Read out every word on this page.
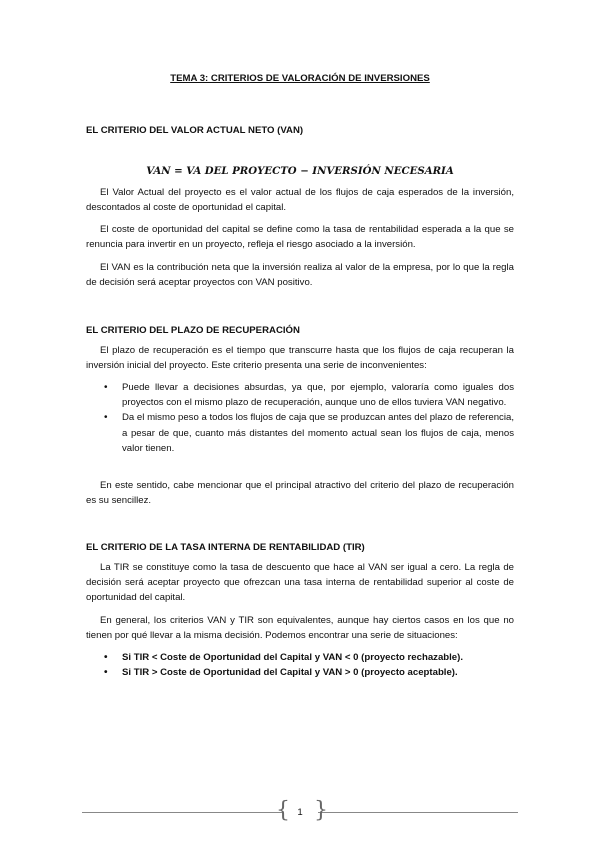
TEMA 3: CRITERIOS DE VALORACIÓN DE INVERSIONES
EL CRITERIO DEL VALOR ACTUAL NETO (VAN)
VAN = VA DEL PROYECTO − INVERSIÓN NECESARIA

El Valor Actual del proyecto es el valor actual de los flujos de caja esperados de la inversión, descontados al coste de oportunidad el capital.

El coste de oportunidad del capital se define como la tasa de rentabilidad esperada a la que se renuncia para invertir en un proyecto, refleja el riesgo asociado a la inversión.

El VAN es la contribución neta que la inversión realiza al valor de la empresa, por lo que la regla de decisión será aceptar proyectos con VAN positivo.

EL CRITERIO DEL PLAZO DE RECUPERACIÓN

El plazo de recuperación es el tiempo que transcurre hasta que los flujos de caja recuperan la inversión inicial del proyecto. Este criterio presenta una serie de inconvenientes:

• Puede llevar a decisiones absurdas, ya que, por ejemplo, valoraría como iguales dos proyectos con el mismo plazo de recuperación, aunque uno de ellos tuviera VAN negativo.
• Da el mismo peso a todos los flujos de caja que se produzcan antes del plazo de referencia, a pesar de que, cuanto más distantes del momento actual sean los flujos de caja, menos valor tienen.

En este sentido, cabe mencionar que el principal atractivo del criterio del plazo de recuperación es su sencillez.

EL CRITERIO DE LA TASA INTERNA DE RENTABILIDAD (TIR)

La TIR se constituye como la tasa de descuento que hace al VAN ser igual a cero. La regla de decisión será aceptar proyecto que ofrezcan una tasa interna de rentabilidad superior al coste de oportunidad del capital.

En general, los criterios VAN y TIR son equivalentes, aunque hay ciertos casos en los que no tienen por qué llevar a la misma decisión. Podemos encontrar una serie de situaciones:

• Si TIR < Coste de Oportunidad del Capital y VAN < 0 (proyecto rechazable).
• Si TIR > Coste de Oportunidad del Capital y VAN > 0 (proyecto aceptable).
{ }
1
